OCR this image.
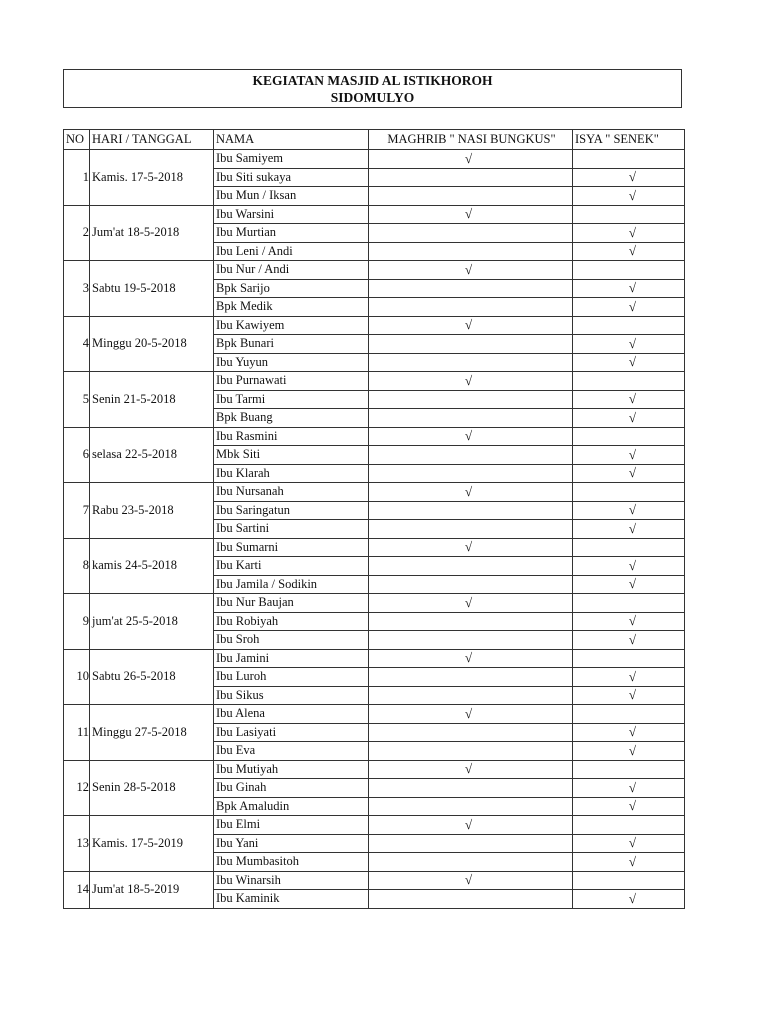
KEGIATAN MASJID AL ISTIKHOROH
SIDOMULYO
NO	HARI / TANGGAL	NAMA	MAGHRIB " NASI BUNGKUS"	ISYA " SENEK"
1	Kamis. 17-5-2018	Ibu Samiyem	√	
		Ibu Siti sukaya		√
		Ibu Mun / Iksan		√
2	Jum'at 18-5-2018	Ibu Warsini	√	
		Ibu Murtian		√
		Ibu Leni / Andi		√
3	Sabtu 19-5-2018	Ibu Nur / Andi	√	
		Bpk Sarijo		√
		Bpk Medik		√
4	Minggu 20-5-2018	Ibu Kawiyem	√	
		Bpk Bunari		√
		Ibu Yuyun		√
5	Senin 21-5-2018	Ibu Purnawati	√	
		Ibu Tarmi		√
		Bpk Buang		√
6	selasa 22-5-2018	Ibu Rasmini	√	
		Mbk Siti		√
		Ibu Klarah		√
7	Rabu 23-5-2018	Ibu Nursanah	√	
		Ibu Saringatun		√
		Ibu Sartini		√
8	kamis 24-5-2018	Ibu Sumarni	√	
		Ibu Karti		√
		Ibu Jamila / Sodikin		√
9	jum'at 25-5-2018	Ibu Nur Baujan	√	
		Ibu Robiyah		√
		Ibu Sroh		√
10	Sabtu 26-5-2018	Ibu Jamini	√	
		Ibu Luroh		√
		Ibu Sikus		√
11	Minggu 27-5-2018	Ibu Alena	√	
		Ibu Lasiyati		√
		Ibu Eva		√
12	Senin 28-5-2018	Ibu Mutiyah	√	
		Ibu Ginah		√
		Bpk Amaludin		√
13	Kamis. 17-5-2019	Ibu Elmi	√	
		Ibu Yani		√
		Ibu Mumbasitoh		√
14	Jum'at 18-5-2019	Ibu Winarsih	√	
		Ibu Kaminik		√
